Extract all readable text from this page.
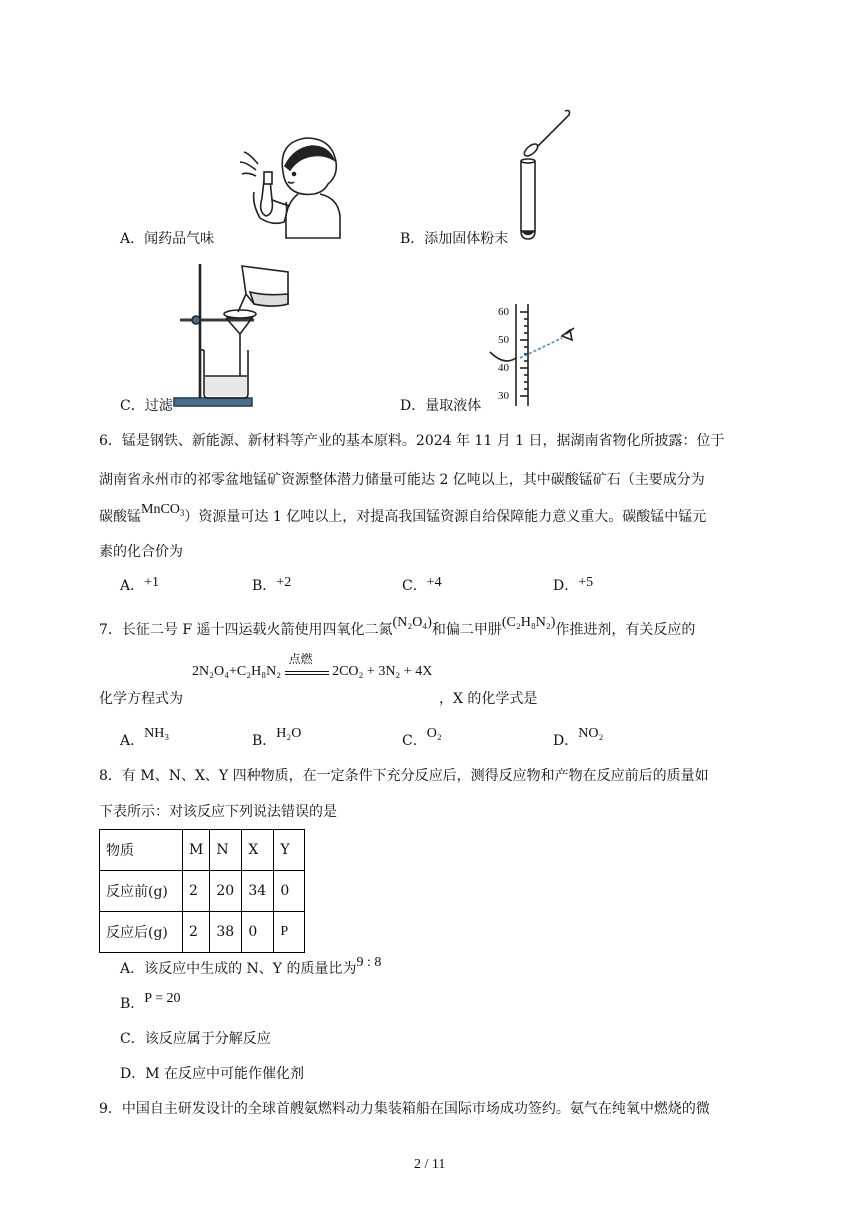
60
50
40
30
A．闻药品气味	B．添加固体粉末
C．过滤	D．量取液体
6．锰是钢铁、新能源、新材料等产业的基本原料。2024 年 11 月 1 日，据湖南省物化所披露：位于
湖南省永州市的祁零盆地锰矿资源整体潜力储量可能达 2 亿吨以上，其中碳酸锰矿石（主要成分为
碳酸锰MnCO$_3$）资源量可达 1 亿吨以上，对提高我国锰资源自给保障能力意义重大。碳酸锰中锰元
素的化合价为
A．+1	B．+2	C．+4	D．+5
7．长征二号 F 遥十四运载火箭使用四氧化二氮(N₂O₄)和偏二甲肼(C₂H₈N₂)作推进剂，有关反应的
2N₂O₄+C₂H₈N₂
点燃
2CO₂ + 3N₂ + 4X
化学方程式为	，X 的化学式是
A．NH₃	B．H₂O	C．O₂	D．NO₂
8．有 M、N、X、Y 四种物质，在一定条件下充分反应后，测得反应物和产物在反应前后的质量如
下表所示：对该反应下列说法错误的是
物质	M	N	X	Y
反应前(g)	2	20	34	0
反应后(g)	2	38	0	P
A．该反应中生成的 N、Y 的质量比为9 : 8
B．P = 20
C．该反应属于分解反应
D．M 在反应中可能作催化剂
9．中国自主研发设计的全球首艘氨燃料动力集装箱船在国际市场成功签约。氨气在纯氧中燃烧的微
2 / 11
